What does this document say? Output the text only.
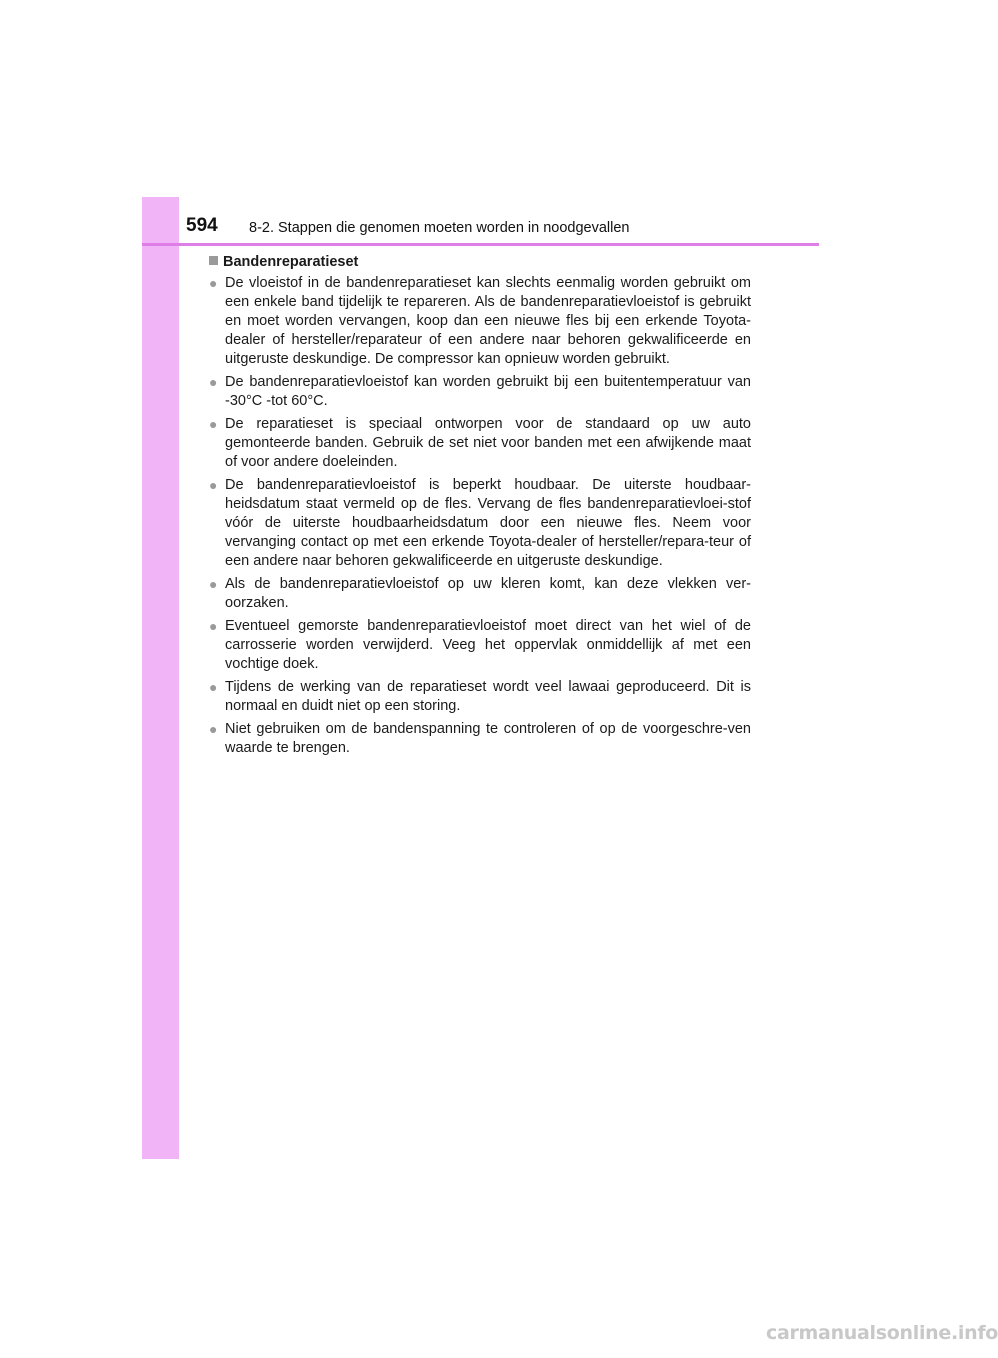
594 8-2. Stappen die genomen moeten worden in noodgevallen
Bandenreparatieset
● De vloeistof in de bandenreparatieset kan slechts eenmalig worden gebruikt om een enkele band tijdelijk te repareren. Als de bandenreparatievloeistof is gebruikt en moet worden vervangen, koop dan een nieuwe fles bij een erkende Toyota-dealer of hersteller/reparateur of een andere naar behoren gekwalificeerde en uitgeruste deskundige. De compressor kan opnieuw worden gebruikt.
● De bandenreparatievloeistof kan worden gebruikt bij een buitentemperatuur van -30°C -tot 60°C.
● De reparatieset is speciaal ontworpen voor de standaard op uw auto gemonteerde banden. Gebruik de set niet voor banden met een afwijkende maat of voor andere doeleinden.
● De bandenreparatievloeistof is beperkt houdbaar. De uiterste houdbaar-heidsdatum staat vermeld op de fles. Vervang de fles bandenreparatievloei-stof vóór de uiterste houdbaarheidsdatum door een nieuwe fles. Neem voor vervanging contact op met een erkende Toyota-dealer of hersteller/repara-teur of een andere naar behoren gekwalificeerde en uitgeruste deskundige.
● Als de bandenreparatievloeistof op uw kleren komt, kan deze vlekken ver-oorzaken.
● Eventueel gemorste bandenreparatievloeistof moet direct van het wiel of de carrosserie worden verwijderd. Veeg het oppervlak onmiddellijk af met een vochtige doek.
● Tijdens de werking van de reparatieset wordt veel lawaai geproduceerd. Dit is normaal en duidt niet op een storing.
● Niet gebruiken om de bandenspanning te controleren of op de voorgeschre-ven waarde te brengen.
carmanualsonline.info
